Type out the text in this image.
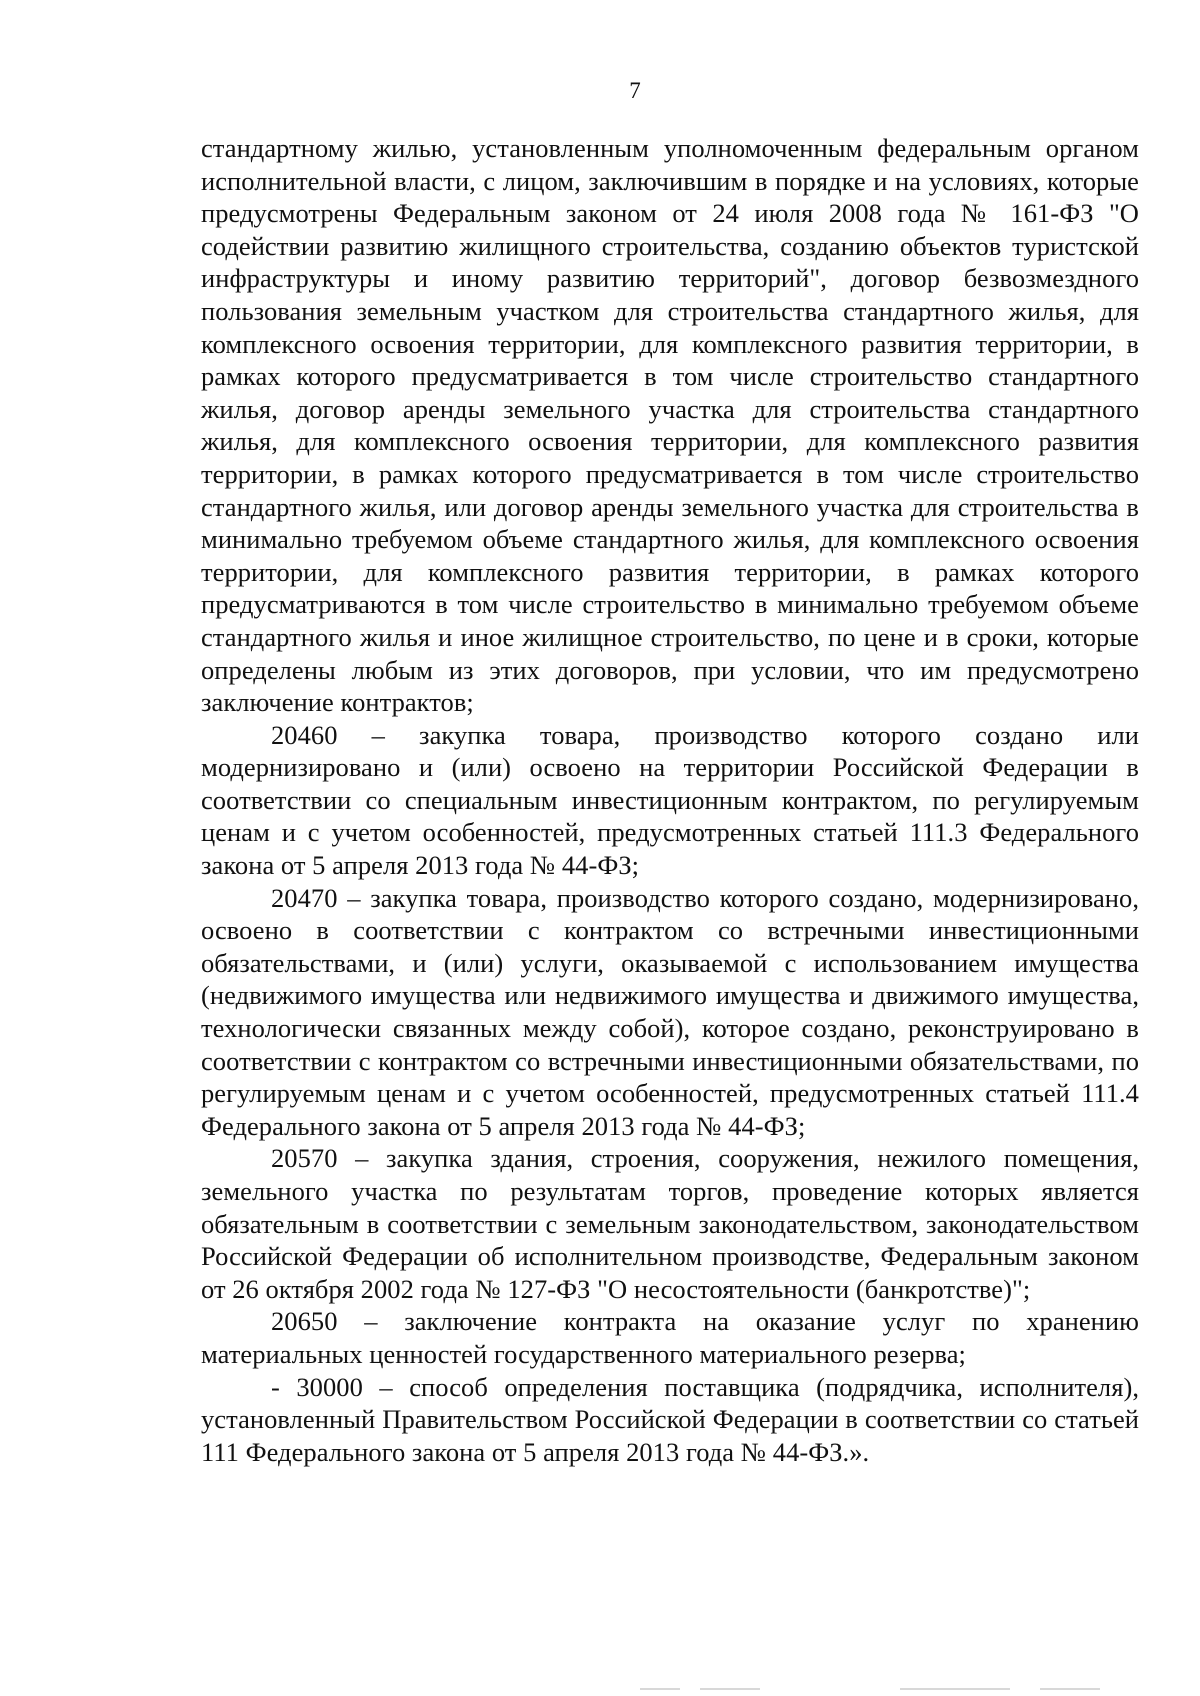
7

стандартному жилью, установленным уполномоченным федеральным органом исполнительной власти, с лицом, заключившим в порядке и на условиях, которые предусмотрены Федеральным законом от 24 июля 2008 года № 161-ФЗ "О содействии развитию жилищного строительства, созданию объектов туристской инфраструктуры и иному развитию территорий", договор безвозмездного пользования земельным участком для строительства стандартного жилья, для комплексного освоения территории, для комплексного развития территории, в рамках которого предусматривается в том числе строительство стандартного жилья, договор аренды земельного участка для строительства стандартного жилья, для комплексного освоения территории, для комплексного развития территории, в рамках которого предусматривается в том числе строительство стандартного жилья, или договор аренды земельного участка для строительства в минимально требуемом объеме стандартного жилья, для комплексного освоения территории, для комплексного развития территории, в рамках которого предусматриваются в том числе строительство в минимально требуемом объеме стандартного жилья и иное жилищное строительство, по цене и в сроки, которые определены любым из этих договоров, при условии, что им предусмотрено заключение контрактов;

20460 – закупка товара, производство которого создано или модернизировано и (или) освоено на территории Российской Федерации в соответствии со специальным инвестиционным контрактом, по регулируемым ценам и с учетом особенностей, предусмотренных статьей 111.3 Федерального закона от 5 апреля 2013 года № 44-ФЗ;

20470 – закупка товара, производство которого создано, модернизировано, освоено в соответствии с контрактом со встречными инвестиционными обязательствами, и (или) услуги, оказываемой с использованием имущества (недвижимого имущества или недвижимого имущества и движимого имущества, технологически связанных между собой), которое создано, реконструировано в соответствии с контрактом со встречными инвестиционными обязательствами, по регулируемым ценам и с учетом особенностей, предусмотренных статьей 111.4 Федерального закона от 5 апреля 2013 года № 44-ФЗ;

20570 – закупка здания, строения, сооружения, нежилого помещения, земельного участка по результатам торгов, проведение которых является обязательным в соответствии с земельным законодательством, законодательством Российской Федерации об исполнительном производстве, Федеральным законом от 26 октября 2002 года № 127-ФЗ "О несостоятельности (банкротстве)";

20650 – заключение контракта на оказание услуг по хранению материальных ценностей государственного материального резерва;

- 30000 – способ определения поставщика (подрядчика, исполнителя), установленный Правительством Российской Федерации в соответствии со статьей 111 Федерального закона от 5 апреля 2013 года № 44-ФЗ.».
